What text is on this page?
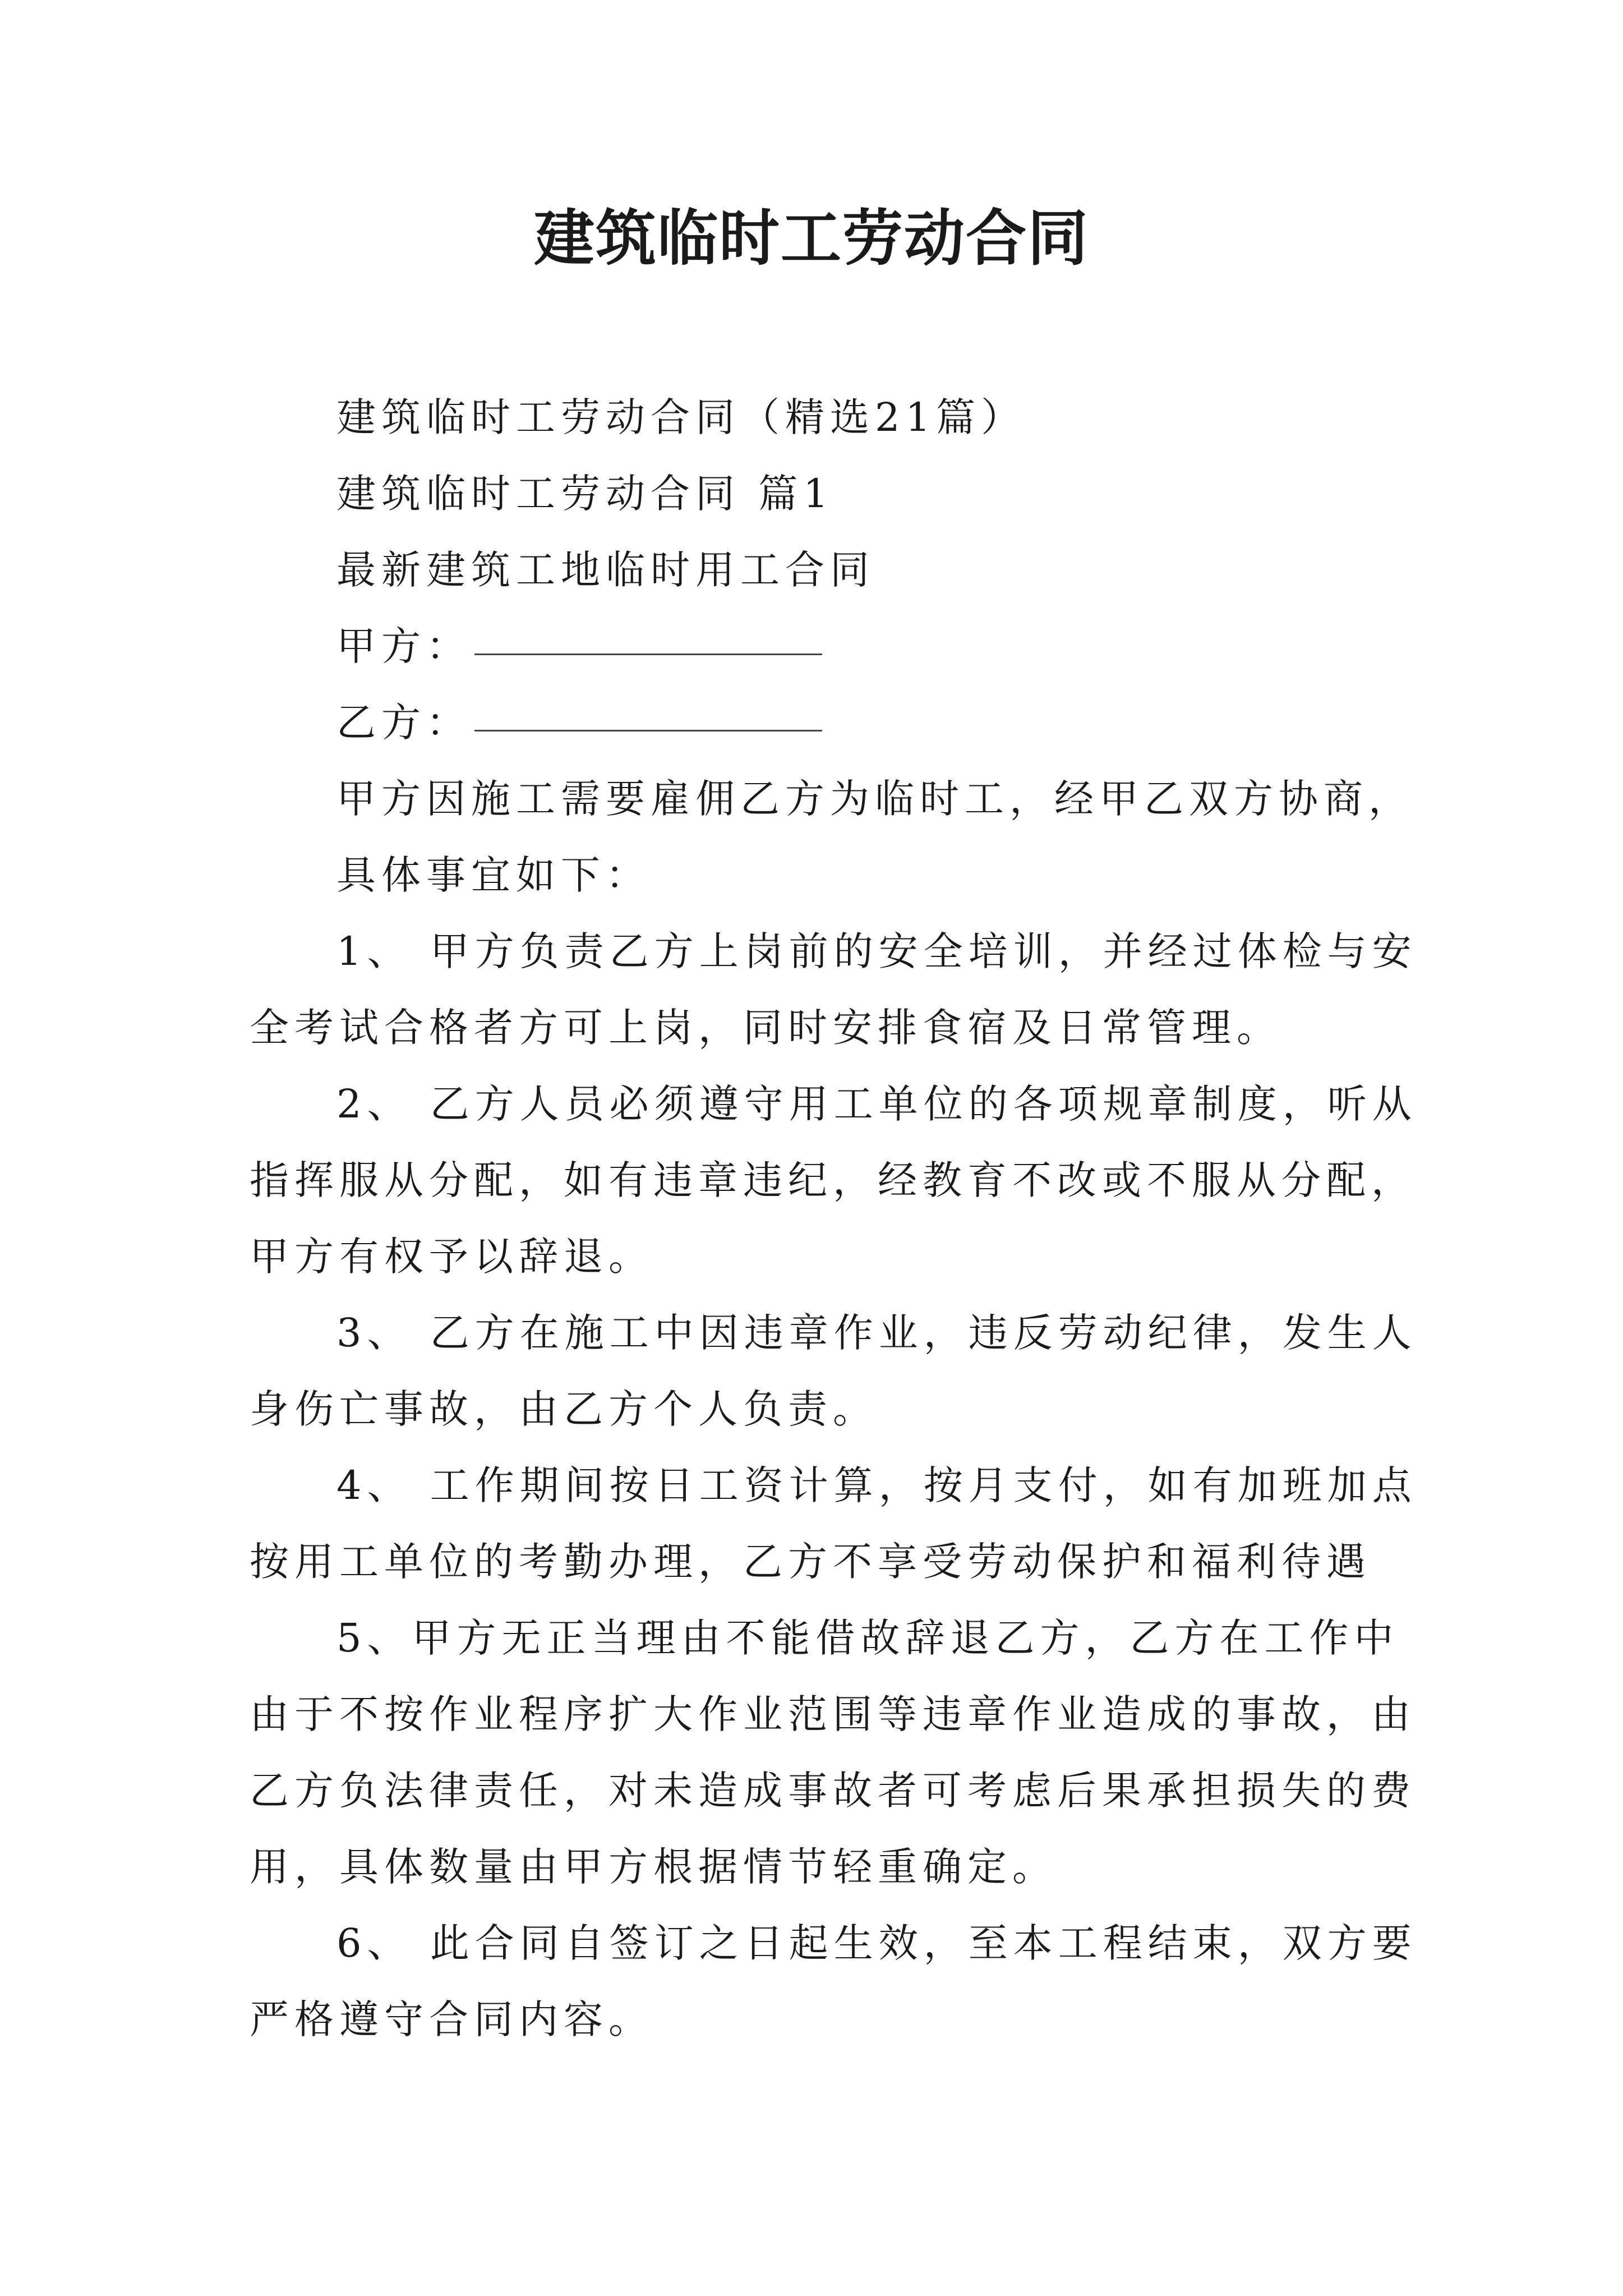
建筑临时工劳动合同
建筑临时工劳动合同（精选21篇）
建筑临时工劳动合同 篇1
最新建筑工地临时用工合同
甲方：
乙方：
甲方因施工需要雇佣乙方为临时工，经甲乙双方协商，
具体事宜如下：
1、 甲方负责乙方上岗前的安全培训，并经过体检与安
全考试合格者方可上岗，同时安排食宿及日常管理。
2、 乙方人员必须遵守用工单位的各项规章制度，听从
指挥服从分配，如有违章违纪，经教育不改或不服从分配，
甲方有权予以辞退。
3、 乙方在施工中因违章作业，违反劳动纪律，发生人
身伤亡事故，由乙方个人负责。
4、 工作期间按日工资计算，按月支付，如有加班加点
按用工单位的考勤办理，乙方不享受劳动保护和福利待遇
5、甲方无正当理由不能借故辞退乙方，乙方在工作中
由于不按作业程序扩大作业范围等违章作业造成的事故，由
乙方负法律责任，对未造成事故者可考虑后果承担损失的费
用，具体数量由甲方根据情节轻重确定。
6、 此合同自签订之日起生效，至本工程结束，双方要
严格遵守合同内容。
